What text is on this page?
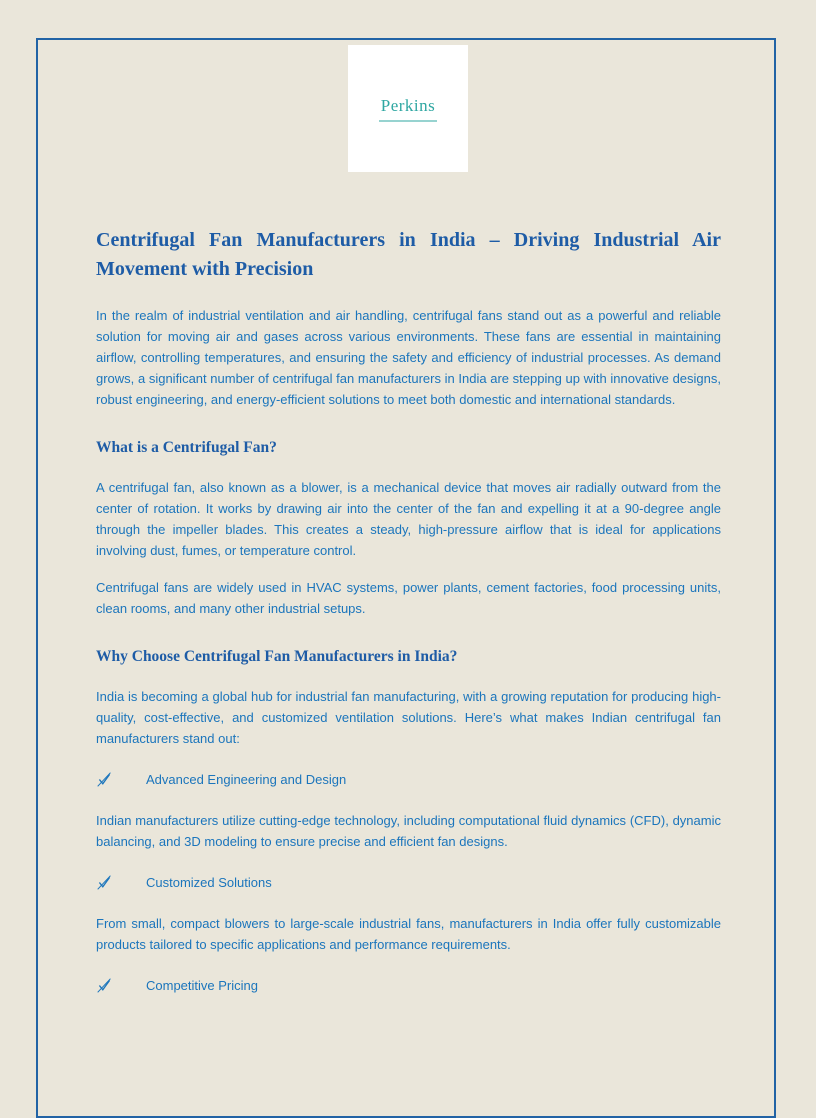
Perkins
Centrifugal Fan Manufacturers in India – Driving Industrial Air Movement with Precision

In the realm of industrial ventilation and air handling, centrifugal fans stand out as a powerful and reliable solution for moving air and gases across various environments. These fans are essential in maintaining airflow, controlling temperatures, and ensuring the safety and efficiency of industrial processes. As demand grows, a significant number of centrifugal fan manufacturers in India are stepping up with innovative designs, robust engineering, and energy-efficient solutions to meet both domestic and international standards.

What is a Centrifugal Fan?

A centrifugal fan, also known as a blower, is a mechanical device that moves air radially outward from the center of rotation. It works by drawing air into the center of the fan and expelling it at a 90-degree angle through the impeller blades. This creates a steady, high-pressure airflow that is ideal for applications involving dust, fumes, or temperature control.

Centrifugal fans are widely used in HVAC systems, power plants, cement factories, food processing units, clean rooms, and many other industrial setups.

Why Choose Centrifugal Fan Manufacturers in India?

India is becoming a global hub for industrial fan manufacturing, with a growing reputation for producing high-quality, cost-effective, and customized ventilation solutions. Here’s what makes Indian centrifugal fan manufacturers stand out:

Advanced Engineering and Design

Indian manufacturers utilize cutting-edge technology, including computational fluid dynamics (CFD), dynamic balancing, and 3D modeling to ensure precise and efficient fan designs.

Customized Solutions

From small, compact blowers to large-scale industrial fans, manufacturers in India offer fully customizable products tailored to specific applications and performance requirements.

Competitive Pricing
